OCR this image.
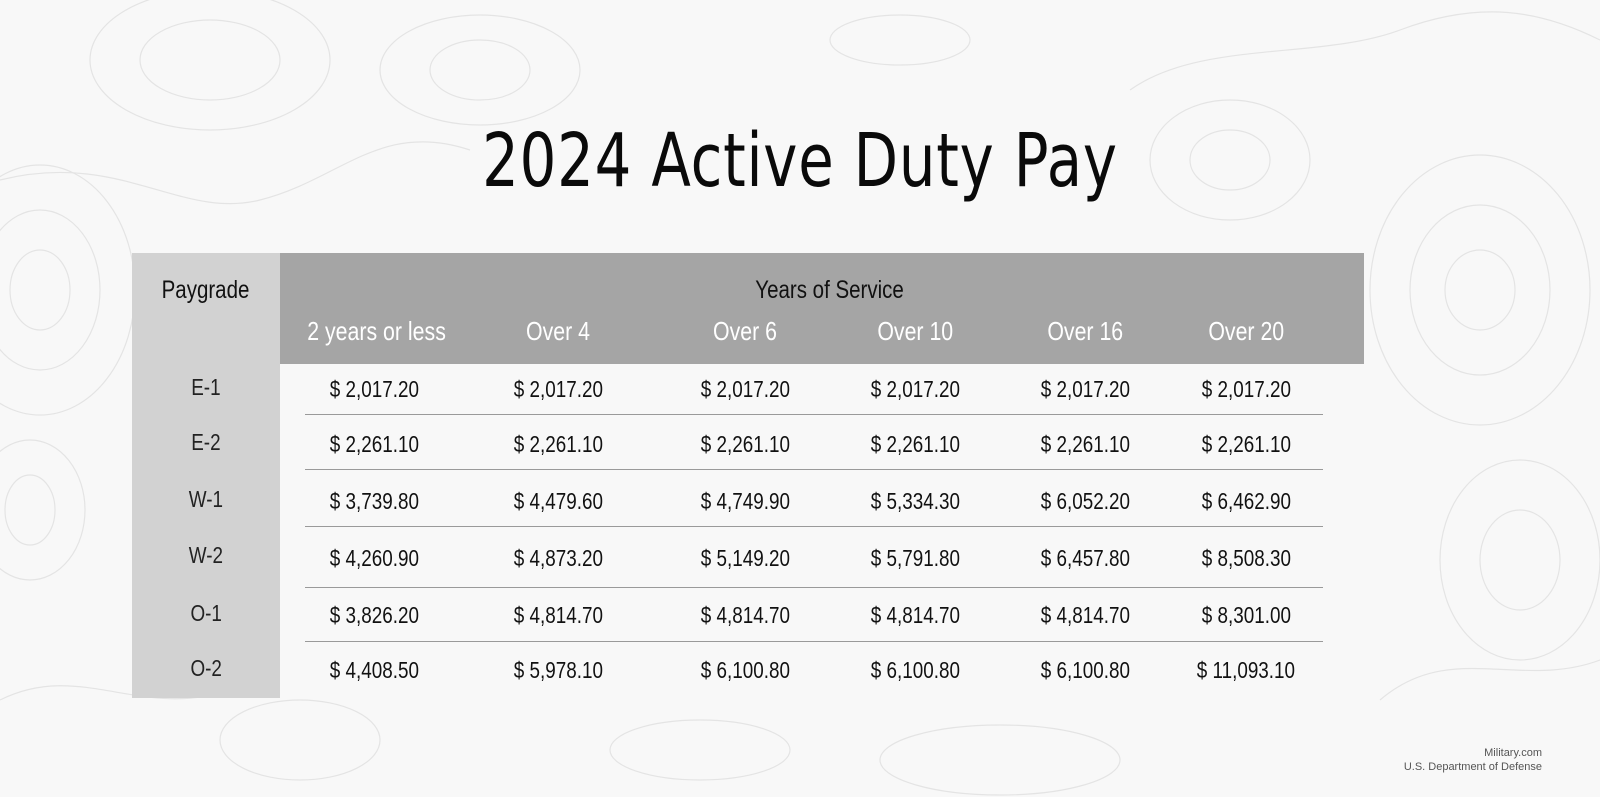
2024 Active Duty Pay
Paygrade	Years of Service
2 years or less	Over 4	Over 6	Over 10	Over 16	Over 20
E-1	$ 2,017.20	$ 2,017.20	$ 2,017.20	$ 2,017.20	$ 2,017.20	$ 2,017.20
E-2	$ 2,261.10	$ 2,261.10	$ 2,261.10	$ 2,261.10	$ 2,261.10	$ 2,261.10
W-1	$ 3,739.80	$ 4,479.60	$ 4,749.90	$ 5,334.30	$ 6,052.20	$ 6,462.90
W-2	$ 4,260.90	$ 4,873.20	$ 5,149.20	$ 5,791.80	$ 6,457.80	$ 8,508.30
O-1	$ 3,826.20	$ 4,814.70	$ 4,814.70	$ 4,814.70	$ 4,814.70	$ 8,301.00
O-2	$ 4,408.50	$ 5,978.10	$ 6,100.80	$ 6,100.80	$ 6,100.80	$ 11,093.10
Military.com
U.S. Department of Defense
